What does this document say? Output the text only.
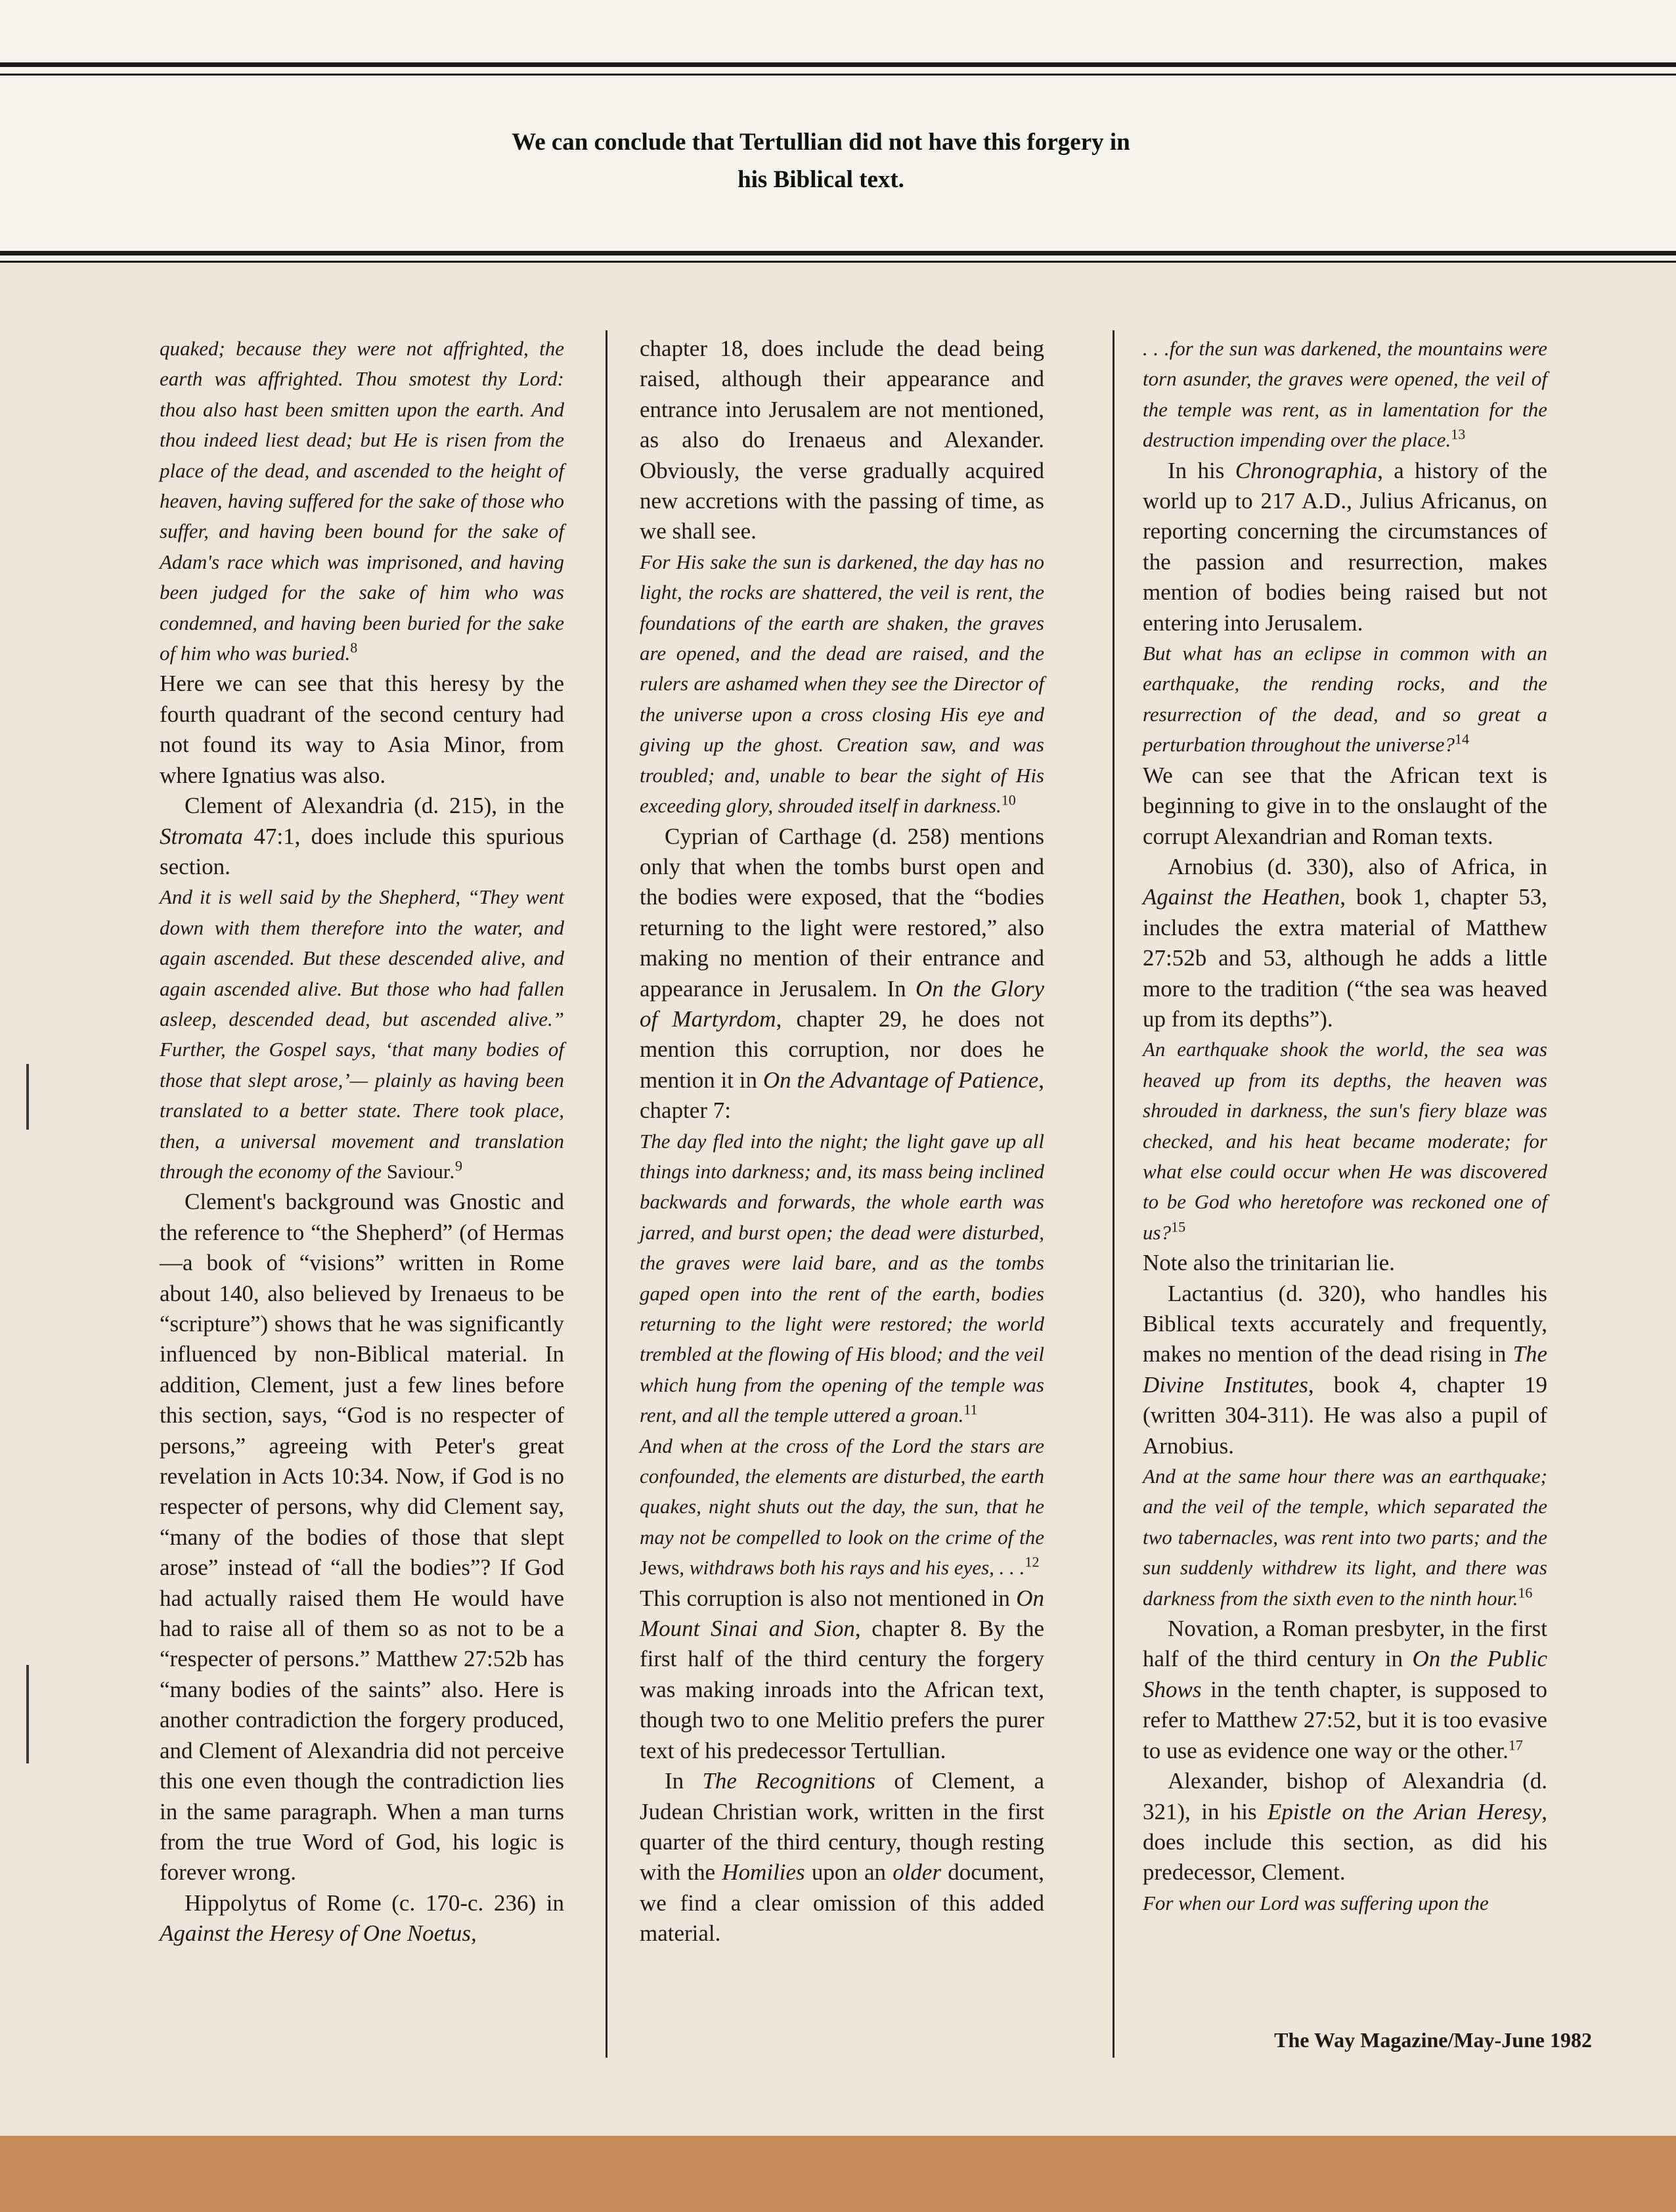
We can conclude that Tertullian did not have this forgery in
his Biblical text.

quaked; because they were not affrighted, the earth was affrighted. Thou smotest thy Lord: thou also hast been smitten upon the earth. And thou indeed liest dead; but He is risen from the place of the dead, and ascended to the height of heaven, having suffered for the sake of those who suffer, and having been bound for the sake of Adam's race which was imprisoned, and having been judged for the sake of him who was condemned, and having been buried for the sake of him who was buried.$^8$

Here we can see that this heresy by the fourth quadrant of the second century had not found its way to Asia Minor, from where Ignatius was also.

Clement of Alexandria (d. 215), in the Stromata 47:1, does include this spurious section.

And it is well said by the Shepherd, “They went down with them therefore into the water, and again ascended. But these descended alive, and again ascended alive. But those who had fallen asleep, descended dead, but ascended alive.” Further, the Gospel says, ‘that many bodies of those that slept arose,’— plainly as having been translated to a better state. There took place, then, a universal movement and translation through the economy of the Saviour.$^9$

Clement's background was Gnostic and the reference to “the Shepherd” (of Hermas—a book of “visions” written in Rome about 140, also believed by Irenaeus to be “scripture”) shows that he was significantly influenced by non-Biblical material. In addition, Clement, just a few lines before this section, says, “God is no respecter of persons,” agreeing with Peter's great revelation in Acts 10:34. Now, if God is no respecter of persons, why did Clement say, “many of the bodies of those that slept arose” instead of “all the bodies”? If God had actually raised them He would have had to raise all of them so as not to be a “respecter of persons.” Matthew 27:52b has “many bodies of the saints” also. Here is another contradiction the forgery produced, and Clement of Alexandria did not perceive this one even though the contradiction lies in the same paragraph. When a man turns from the true Word of God, his logic is forever wrong.

Hippolytus of Rome (c. 170-c. 236) in Against the Heresy of One Noetus,

chapter 18, does include the dead being raised, although their appearance and entrance into Jerusalem are not mentioned, as also do Irenaeus and Alexander. Obviously, the verse gradually acquired new accretions with the passing of time, as we shall see.

For His sake the sun is darkened, the day has no light, the rocks are shattered, the veil is rent, the foundations of the earth are shaken, the graves are opened, and the dead are raised, and the rulers are ashamed when they see the Director of the universe upon a cross closing His eye and giving up the ghost. Creation saw, and was troubled; and, unable to bear the sight of His exceeding glory, shrouded itself in darkness.$^{10}$

Cyprian of Carthage (d. 258) mentions only that when the tombs burst open and the bodies were exposed, that the “bodies returning to the light were restored,” also making no mention of their entrance and appearance in Jerusalem. In On the Glory of Martyrdom, chapter 29, he does not mention this corruption, nor does he mention it in On the Advantage of Patience, chapter 7:

The day fled into the night; the light gave up all things into darkness; and, its mass being inclined backwards and forwards, the whole earth was jarred, and burst open; the dead were disturbed, the graves were laid bare, and as the tombs gaped open into the rent of the earth, bodies returning to the light were restored; the world trembled at the flowing of His blood; and the veil which hung from the opening of the temple was rent, and all the temple uttered a groan.$^{11}$

And when at the cross of the Lord the stars are confounded, the elements are disturbed, the earth quakes, night shuts out the day, the sun, that he may not be compelled to look on the crime of the Jews, withdraws both his rays and his eyes, . . .$^{12}$

This corruption is also not mentioned in On Mount Sinai and Sion, chapter 8. By the first half of the third century the forgery was making inroads into the African text, though two to one Melitio prefers the purer text of his predecessor Tertullian.

In The Recognitions of Clement, a Judean Christian work, written in the first quarter of the third century, though resting with the Homilies upon an older document, we find a clear omission of this added material.

. . .for the sun was darkened, the mountains were torn asunder, the graves were opened, the veil of the temple was rent, as in lamentation for the destruction impending over the place.$^{13}$

In his Chronographia, a history of the world up to 217 A.D., Julius Africanus, on reporting concerning the circumstances of the passion and resurrection, makes mention of bodies being raised but not entering into Jerusalem.

But what has an eclipse in common with an earthquake, the rending rocks, and the resurrection of the dead, and so great a perturbation throughout the universe?$^{14}$

We can see that the African text is beginning to give in to the onslaught of the corrupt Alexandrian and Roman texts.

Arnobius (d. 330), also of Africa, in Against the Heathen, book 1, chapter 53, includes the extra material of Matthew 27:52b and 53, although he adds a little more to the tradition (“the sea was heaved up from its depths”).

An earthquake shook the world, the sea was heaved up from its depths, the heaven was shrouded in darkness, the sun's fiery blaze was checked, and his heat became moderate; for what else could occur when He was discovered to be God who heretofore was reckoned one of us?$^{15}$

Note also the trinitarian lie.

Lactantius (d. 320), who handles his Biblical texts accurately and frequently, makes no mention of the dead rising in The Divine Institutes, book 4, chapter 19 (written 304-311). He was also a pupil of Arnobius.

And at the same hour there was an earthquake; and the veil of the temple, which separated the two tabernacles, was rent into two parts; and the sun suddenly withdrew its light, and there was darkness from the sixth even to the ninth hour.$^{16}$

Novation, a Roman presbyter, in the first half of the third century in On the Public Shows in the tenth chapter, is supposed to refer to Matthew 27:52, but it is too evasive to use as evidence one way or the other.$^{17}$

Alexander, bishop of Alexandria (d. 321), in his Epistle on the Arian Heresy, does include this section, as did his predecessor, Clement.

For when our Lord was suffering upon the

The Way Magazine/May-June 1982
